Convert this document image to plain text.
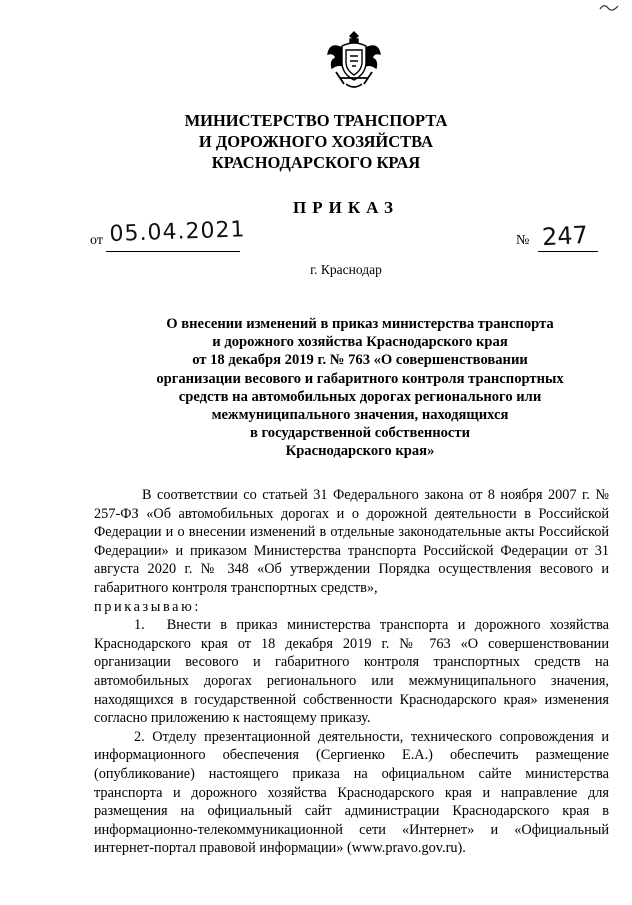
МИНИСТЕРСТВО ТРАНСПОРТА
И ДОРОЖНОГО ХОЗЯЙСТВА
КРАСНОДАРСКОГО КРАЯ
ПРИКАЗ
от 05.04.2021	№ 247
г. Краснодар
О внесении изменений в приказ министерства транспорта
и дорожного хозяйства Краснодарского края
от 18 декабря 2019 г. № 763 «О совершенствовании
организации весового и габаритного контроля транспортных
средств на автомобильных дорогах регионального или
межмуниципального значения, находящихся
в государственной собственности
Краснодарского края»

В соответствии со статьей 31 Федерального закона от 8 ноября 2007 г. № 257-ФЗ «Об автомобильных дорогах и о дорожной деятельности в Российской Федерации и о внесении изменений в отдельные законодательные акты Российской Федерации» и приказом Министерства транспорта Российской Федерации от 31 августа 2020 г. № 348 «Об утверждении Порядка осуществления весового и габаритного контроля транспортных средств»,

приказываю:

1. Внести в приказ министерства транспорта и дорожного хозяйства Краснодарского края от 18 декабря 2019 г. № 763 «О совершенствовании организации весового и габаритного контроля транспортных средств на автомобильных дорогах регионального или межмуниципального значения, находящихся в государственной собственности Краснодарского края» изменения согласно приложению к настоящему приказу.

2. Отделу презентационной деятельности, технического сопровождения и информационного обеспечения (Сергиенко Е.А.) обеспечить размещение (опубликование) настоящего приказа на официальном сайте министерства транспорта и дорожного хозяйства Краснодарского края и направление для размещения на официальный сайт администрации Краснодарского края в информационно-телекоммуникационной сети «Интернет» и «Официальный интернет-портал правовой информации» (www.pravo.gov.ru).
